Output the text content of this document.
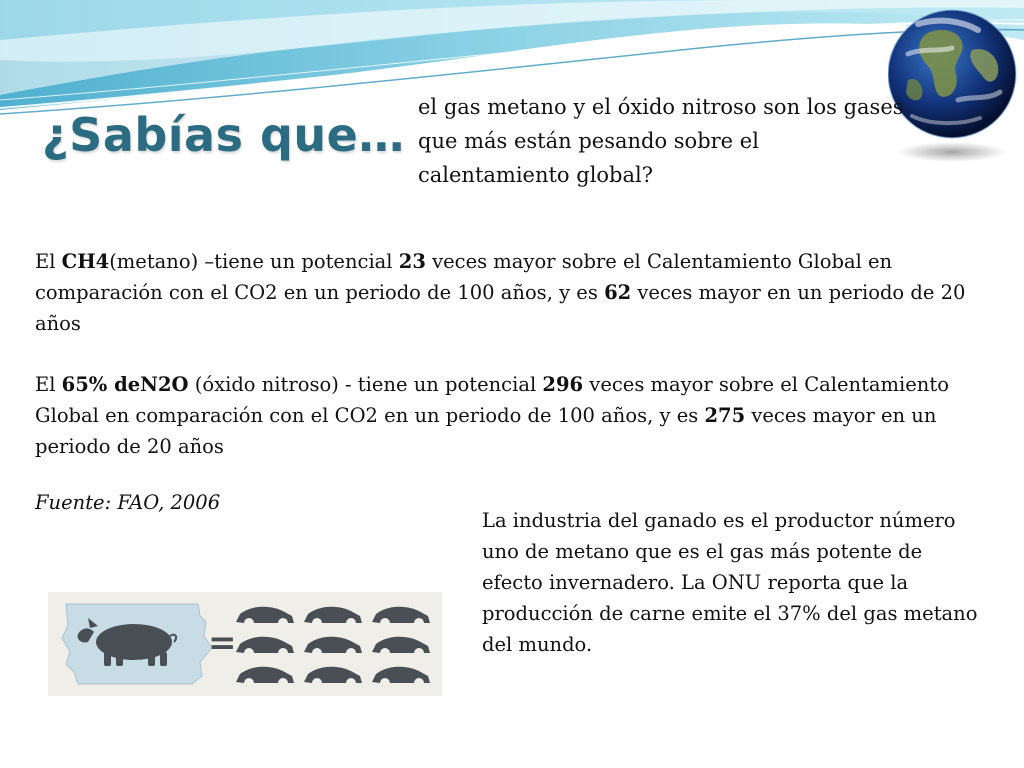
¿Sabías que…
el gas metano y el óxido nitroso son los gases que más están pesando sobre el calentamiento global?
El CH4(metano) –tiene un potencial 23 veces mayor sobre el Calentamiento Global en comparación con el CO2 en un periodo de 100 años, y es 62 veces mayor en un periodo de 20 años
El 65% deN2O (óxido nitroso) - tiene un potencial 296 veces mayor sobre el Calentamiento Global en comparación con el CO2 en un periodo de 100 años, y es 275 veces mayor en un periodo de 20 años
Fuente: FAO, 2006
La industria del ganado es el productor número uno de metano que es el gas más potente de efecto invernadero. La ONU reporta que la producción de carne emite el 37% del gas metano del mundo.
=
